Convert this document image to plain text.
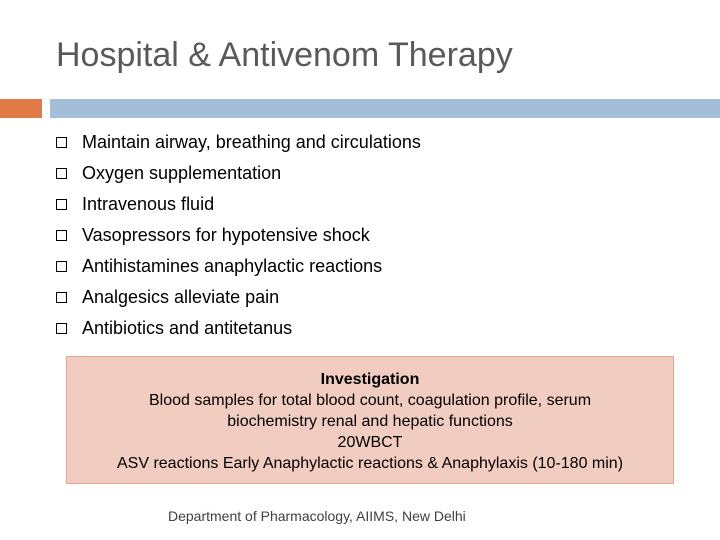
Hospital & Antivenom Therapy
Maintain airway, breathing and circulations
Oxygen supplementation
Intravenous fluid
Vasopressors for hypotensive shock
Antihistamines anaphylactic reactions
Analgesics alleviate pain
Antibiotics and antitetanus
Investigation
Blood samples for total blood count, coagulation profile, serum
biochemistry renal and hepatic functions
20WBCT
ASV reactions Early Anaphylactic reactions & Anaphylaxis (10-180 min)
Department of Pharmacology, AIIMS, New Delhi
